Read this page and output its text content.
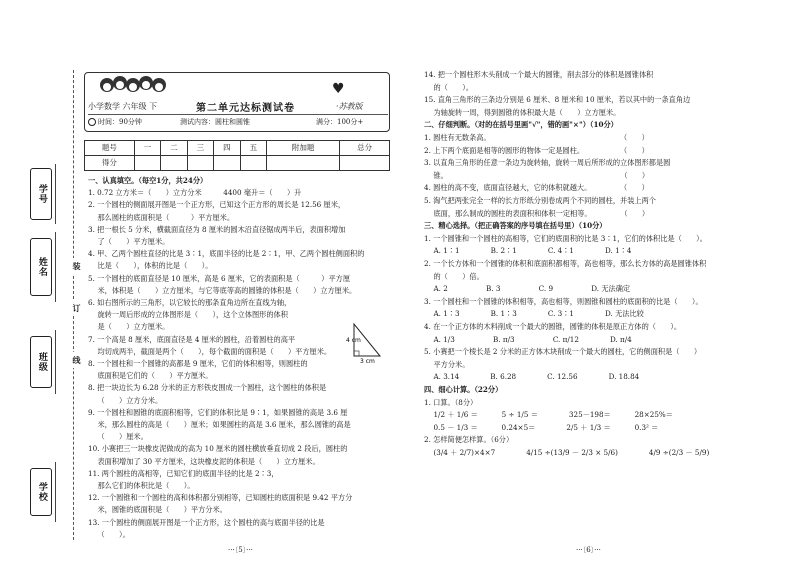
学号
姓名
班级
学校
装
订
线
♥
小学数学 六年级 下	第二单元达标测试卷	·苏教版
时间：90分钟	测试内容：圆柱和圆锥	满分：100分+
题号	一	二	三	四	五	附加题	总分
得分							
一、认真填空。（每空1分，共24分）
1. 0.72 立方米＝（　　）立方分米　　　4400 毫升＝（　　）升
2. 一个圆柱的侧面展开图是一个正方形，已知这个正方形的周长是 12.56 厘米，
　 那么圆柱的底面积是（　　　）平方厘米。
3. 把一根长 5 分米，横截面直径为 8 厘米的圆木沿直径锯成两半后，表面积增加
　 了（　　）平方厘米。
4. 甲、乙两个圆柱直径的比是 3∶1，底面半径的比是 2∶1，甲、乙两个圆柱侧面积的
　 比是（　　），体积的比是（　　）。
5. 一个圆柱的底面直径是 10 厘米，高是 6 厘米，它的表面积是（　　　）平方厘
　 米，体积是（　　）立方厘米，与它等底等高的圆锥的体积是（　　）立方厘米。
6. 如右图所示的三角形，以它较长的那条直角边所在直线为轴，
　 旋转一周后形成的立体图形是（　　），这个立体图形的体积
　 是（　　）立方厘米。
7. 一个高是 8 厘米，底面直径是 4 厘米的圆柱，沿着圆柱的高平
　 均切成两半，截面是两个（　　），每个截面的面积是（　　）平方厘米。
8. 一个圆柱和一个圆锥的高都是 9 厘米，它们的体积相等，则圆柱的
　 底面积是它们的（　　）平方厘米。
8. 把一块边长为 6.28 分米的正方形铁皮围成一个圆柱，这个圆柱的体积是
　 （　　）立方分米。
9. 一个圆柱和圆锥的底面积相等，它们的体积比是 9∶1，如果圆锥的高是 3.6 厘
　 米，那么圆柱的高是（　　）厘米；如果圆柱的高是 3.6 厘米，那么圆锥的高是
　 （　　）厘米。
10. 小赛把三一块橡皮泥做成的高为 10 厘米的圆柱横放垂直切成 2 段后，圆柱的
　 表面积增加了 30 平方厘米，这块橡皮泥的体积是（　　）立方厘米。
11. 两个圆柱的高相等，已知它们的底面半径的比是 2∶3，
　 那么它们的体积比是（　　）。
12. 一个圆锥和一个圆柱的高和体积都分别相等，已知圆柱的底面积是 9.42 平方分
　 米，圆锥的底面积是（　　）平方分米。
13. 一个圆柱的侧面展开图是一个正方形，这个圆柱的高与底面半径的比是
　 （　　）。
4 cm
3 cm
14. 把一个圆柱形木头削成一个最大的圆锥，削去部分的体积是圆锥体积
　 的（　　）。
15. 直角三角形的三条边分别是 6 厘米、8 厘米和 10 厘米，若以其中的一条直角边
　 为轴旋转一周，得到圆锥的体积最大是（　　）立方厘米。
二、仔细判断。（对的在括号里画"√"，错的画"×"）（10分）
1. 圆柱有无数条高。　　　　　　　　　　　　　　　　　　　（　　）
2. 上下两个底面是相等的圆形的物体一定是圆柱。　　　　　　（　　）
3. 以直角三角形的任意一条边为旋转轴，旋转一周后所形成的立体图形都是圆
　 锥。　　　　　　　　　　　　　　　　　　　　　　　　　（　　）
4. 圆柱的高不变，底面直径越大，它的体积就越大。　　　　　（　　）
5. 淘气把两张完全一样的长方形纸分别卷成两个不同的圆柱，并装上两个
　 底面，那么制成的圆柱的表面积和体积一定相等。　　　　　（　　）
三、精心选择。（把正确答案的序号填在括号里）（10分）
1. 一个圆锥和一个圆柱的高相等，它们的底面积的比是 3∶1，它们的体积比是（　　）。
　 A. 1∶1　　　　 B. 2∶1　　　　 C. 4∶1　　　　 D. 1∶4
2. 一个长方体和一个圆锥的体积和底面积都相等，高也相等，那么长方体的高是圆锥体积
　 的（　　）倍。
　 A. 2　　　　　 B. 3　　　　　 C. 9　　　　　 D. 无法确定
3. 一个圆柱和一个圆锥的体积相等，高也相等，则圆锥和圆柱的底面积的比是（　　）。
　 A. 1∶3　　　　 B. 1∶3　　　　 C. 3∶1　　　　 D. 无法比较
4. 在一个正方体的木料削成一个最大的圆锥，圆锥的体积是原正方体的（　　）。
　 A. 1/3　　　　　 B. π/3　　　　　 C. π/12　　　　 D. π/4
5. 小赛把一个棱长是 2 分米的正方体木块削成一个最大的圆柱，它的侧面积是（　　）
　 平方分米。
　 A. 3.14　　　　 B. 6.28　　　　 C. 12.56　　　　 D. 18.84
四、细心计算。（22分）
1. 口算。（8分）
　 1/2 ＋ 1/6 ＝　　　 5 ÷ 1/5 ＝　　　　 325－198＝　　　 28×25%＝
　 0.5 － 1/3 ＝　　　 0.24×5＝　　　　 2/5 ＋ 1/3 ＝　　　 0.3² ＝
2. 怎样简便怎样算。（6分）
　 (3/4 ＋ 2/7)×4×7　　　　 4/15 ÷(13/9 － 2/3 × 5/6)　　　　 4/9 ÷(2/3 － 5/9)
···〔5〕···	···〔6〕···
